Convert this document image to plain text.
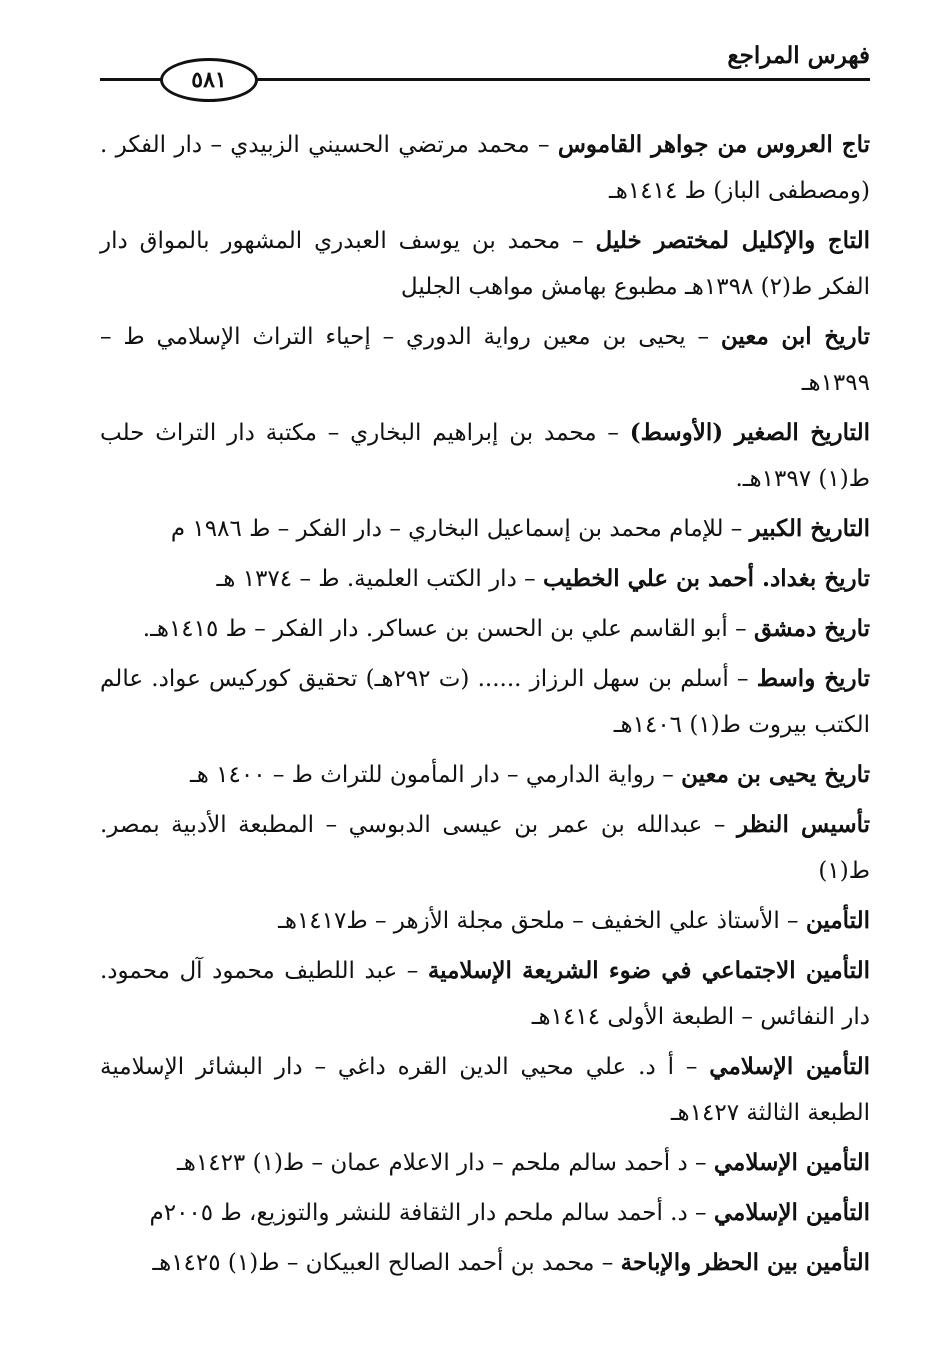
فهرس المراجع
٥٨١
تاج العروس من جواهر القاموس – محمد مرتضي الحسيني الزبيدي – دار الفكر . (ومصطفى الباز) ط ١٤١٤هـ
التاج والإكليل لمختصر خليل – محمد بن يوسف العبدري المشهور بالمواق دار الفكر ط(٢) ١٣٩٨هـ مطبوع بهامش مواهب الجليل
تاريخ ابن معين – يحيى بن معين رواية الدوري – إحياء التراث الإسلامي ط – ١٣٩٩هـ
التاريخ الصغير (الأوسط) – محمد بن إبراهيم البخاري – مكتبة دار التراث حلب ط(١) ١٣٩٧هـ.
التاريخ الكبير – للإمام محمد بن إسماعيل البخاري – دار الفكر – ط ١٩٨٦ م
تاريخ بغداد. أحمد بن علي الخطيب – دار الكتب العلمية. ط – ١٣٧٤ هـ
تاريخ دمشق – أبو القاسم علي بن الحسن بن عساكر. دار الفكر – ط ١٤١٥هـ.
تاريخ واسط – أسلم بن سهل الرزاز ...... (ت ٢٩٢هـ) تحقيق كوركيس عواد. عالم الكتب بيروت ط(١) ١٤٠٦هـ
تاريخ يحيى بن معين – رواية الدارمي – دار المأمون للتراث ط – ١٤٠٠ هـ
تأسيس النظر – عبدالله بن عمر بن عيسى الدبوسي – المطبعة الأدبية بمصر. ط(١)
التأمين – الأستاذ علي الخفيف – ملحق مجلة الأزهر – ط١٤١٧هـ
التأمين الاجتماعي في ضوء الشريعة الإسلامية – عبد اللطيف محمود آل محمود. دار النفائس – الطبعة الأولى ١٤١٤هـ
التأمين الإسلامي – أ د. علي محيي الدين القره داغي – دار البشائر الإسلامية الطبعة الثالثة ١٤٢٧هـ
التأمين الإسلامي – د أحمد سالم ملحم – دار الاعلام عمان – ط(١) ١٤٢٣هـ
التأمين الإسلامي – د. أحمد سالم ملحم دار الثقافة للنشر والتوزيع، ط ٢٠٠٥م
التأمين بين الحظر والإباحة – محمد بن أحمد الصالح العبيكان – ط(١) ١٤٢٥هـ
